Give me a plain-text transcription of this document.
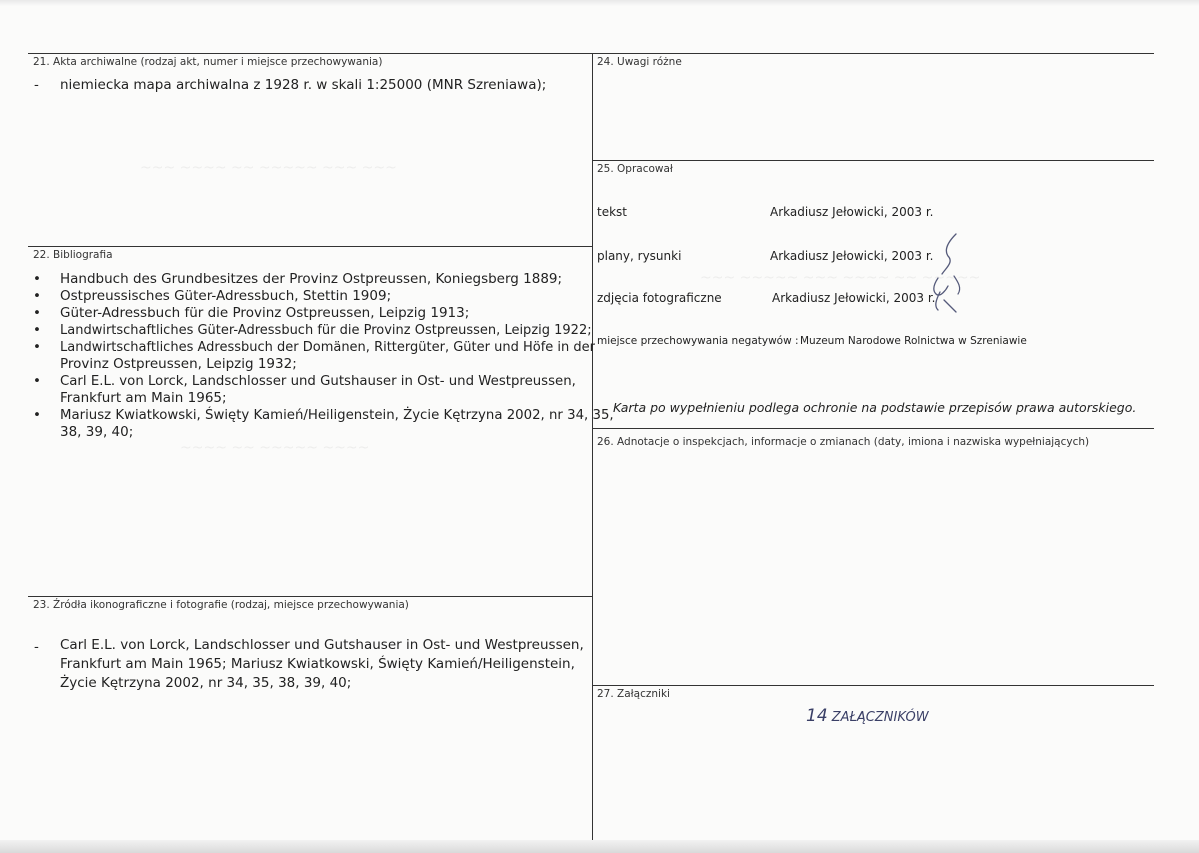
~~~ ~~~~ ~~ ~~~~~ ~~~ ~~~
~~~~ ~~ ~~~~~ ~~~~
~~~ ~~~~~ ~~~ ~~~~ ~~ ~~~~~
21. Akta archiwalne (rodzaj akt, numer i miejsce przechowywania)
- niemiecka mapa archiwalna z 1928 r. w skali 1:25000 (MNR Szreniawa);
22. Bibliografia
• Handbuch des Grundbesitzes der Provinz Ostpreussen, Koniegsberg 1889;
• Ostpreussisches Güter-Adressbuch, Stettin 1909;
• Güter-Adressbuch für die Provinz Ostpreussen, Leipzig 1913;
• Landwirtschaftliches Güter-Adressbuch für die Provinz Ostpreussen, Leipzig 1922;
• Landwirtschaftliches Adressbuch der Domänen, Rittergüter, Güter und Höfe in der
Provinz Ostpreussen, Leipzig 1932;
• Carl E.L. von Lorck, Landschlosser und Gutshauser in Ost- und Westpreussen,
Frankfurt am Main 1965;
• Mariusz Kwiatkowski, Święty Kamień/Heiligenstein, Życie Kętrzyna 2002, nr 34, 35,
38, 39, 40;
23. Źródła ikonograficzne i fotografie (rodzaj, miejsce przechowywania)
- Carl E.L. von Lorck, Landschlosser und Gutshauser in Ost- und Westpreussen,
Frankfurt am Main 1965; Mariusz Kwiatkowski, Święty Kamień/Heiligenstein,
Życie Kętrzyna 2002, nr 34, 35, 38, 39, 40;
24. Uwagi różne
25. Opracował
tekst	Arkadiusz Jełowicki, 2003 r.
plany, rysunki	Arkadiusz Jełowicki, 2003 r.
zdjęcia fotograficzne	Arkadiusz Jełowicki, 2003 r.
miejsce przechowywania negatywów : Muzeum Narodowe Rolnictwa w Szreniawie
Karta po wypełnieniu podlega ochronie na podstawie przepisów prawa autorskiego.
26. Adnotacje o inspekcjach, informacje o zmianach (daty, imiona i nazwiska wypełniających)
27. Załączniki
14 ZAŁĄCZNIKÓW
